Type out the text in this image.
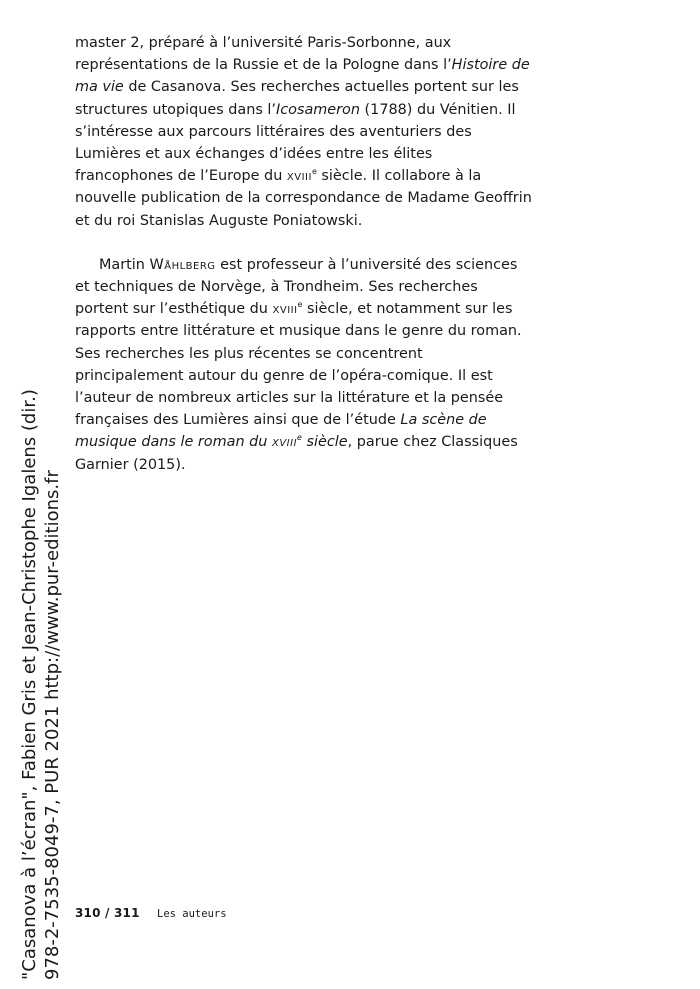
master 2, préparé à l’université Paris-Sorbonne, aux représentations de la Russie et de la Pologne dans l’Histoire de ma vie de Casanova. Ses recherches actuelles portent sur les structures utopiques dans l’Icosameron (1788) du Vénitien. Il s’intéresse aux parcours littéraires des aventuriers des Lumières et aux échanges d’idées entre les élites francophones de l’Europe du xviii$^e$ siècle. Il collabore à la nouvelle publication de la correspondance de Madame Geoffrin et du roi Stanislas Auguste Poniatowski.

Martin Wåhlberg est professeur à l’université des sciences et techniques de Norvège, à Trondheim. Ses recherches portent sur l’esthétique du xviii$^e$ siècle, et notamment sur les rapports entre littérature et musique dans le genre du roman. Ses recherches les plus récentes se concentrent principalement autour du genre de l’opéra-comique. Il est l’auteur de nombreux articles sur la littérature et la pensée françaises des Lumières ainsi que de l’étude La scène de musique dans le roman du xviii$^e$ siècle, parue chez Classiques Garnier (2015).

310 / 311 Les auteurs
"Casanova à l’écran", Fabien Gris et Jean-Christophe Igalens (dir.) 978-2-7535-8049-7, PUR 2021 http://www.pur-editions.fr
